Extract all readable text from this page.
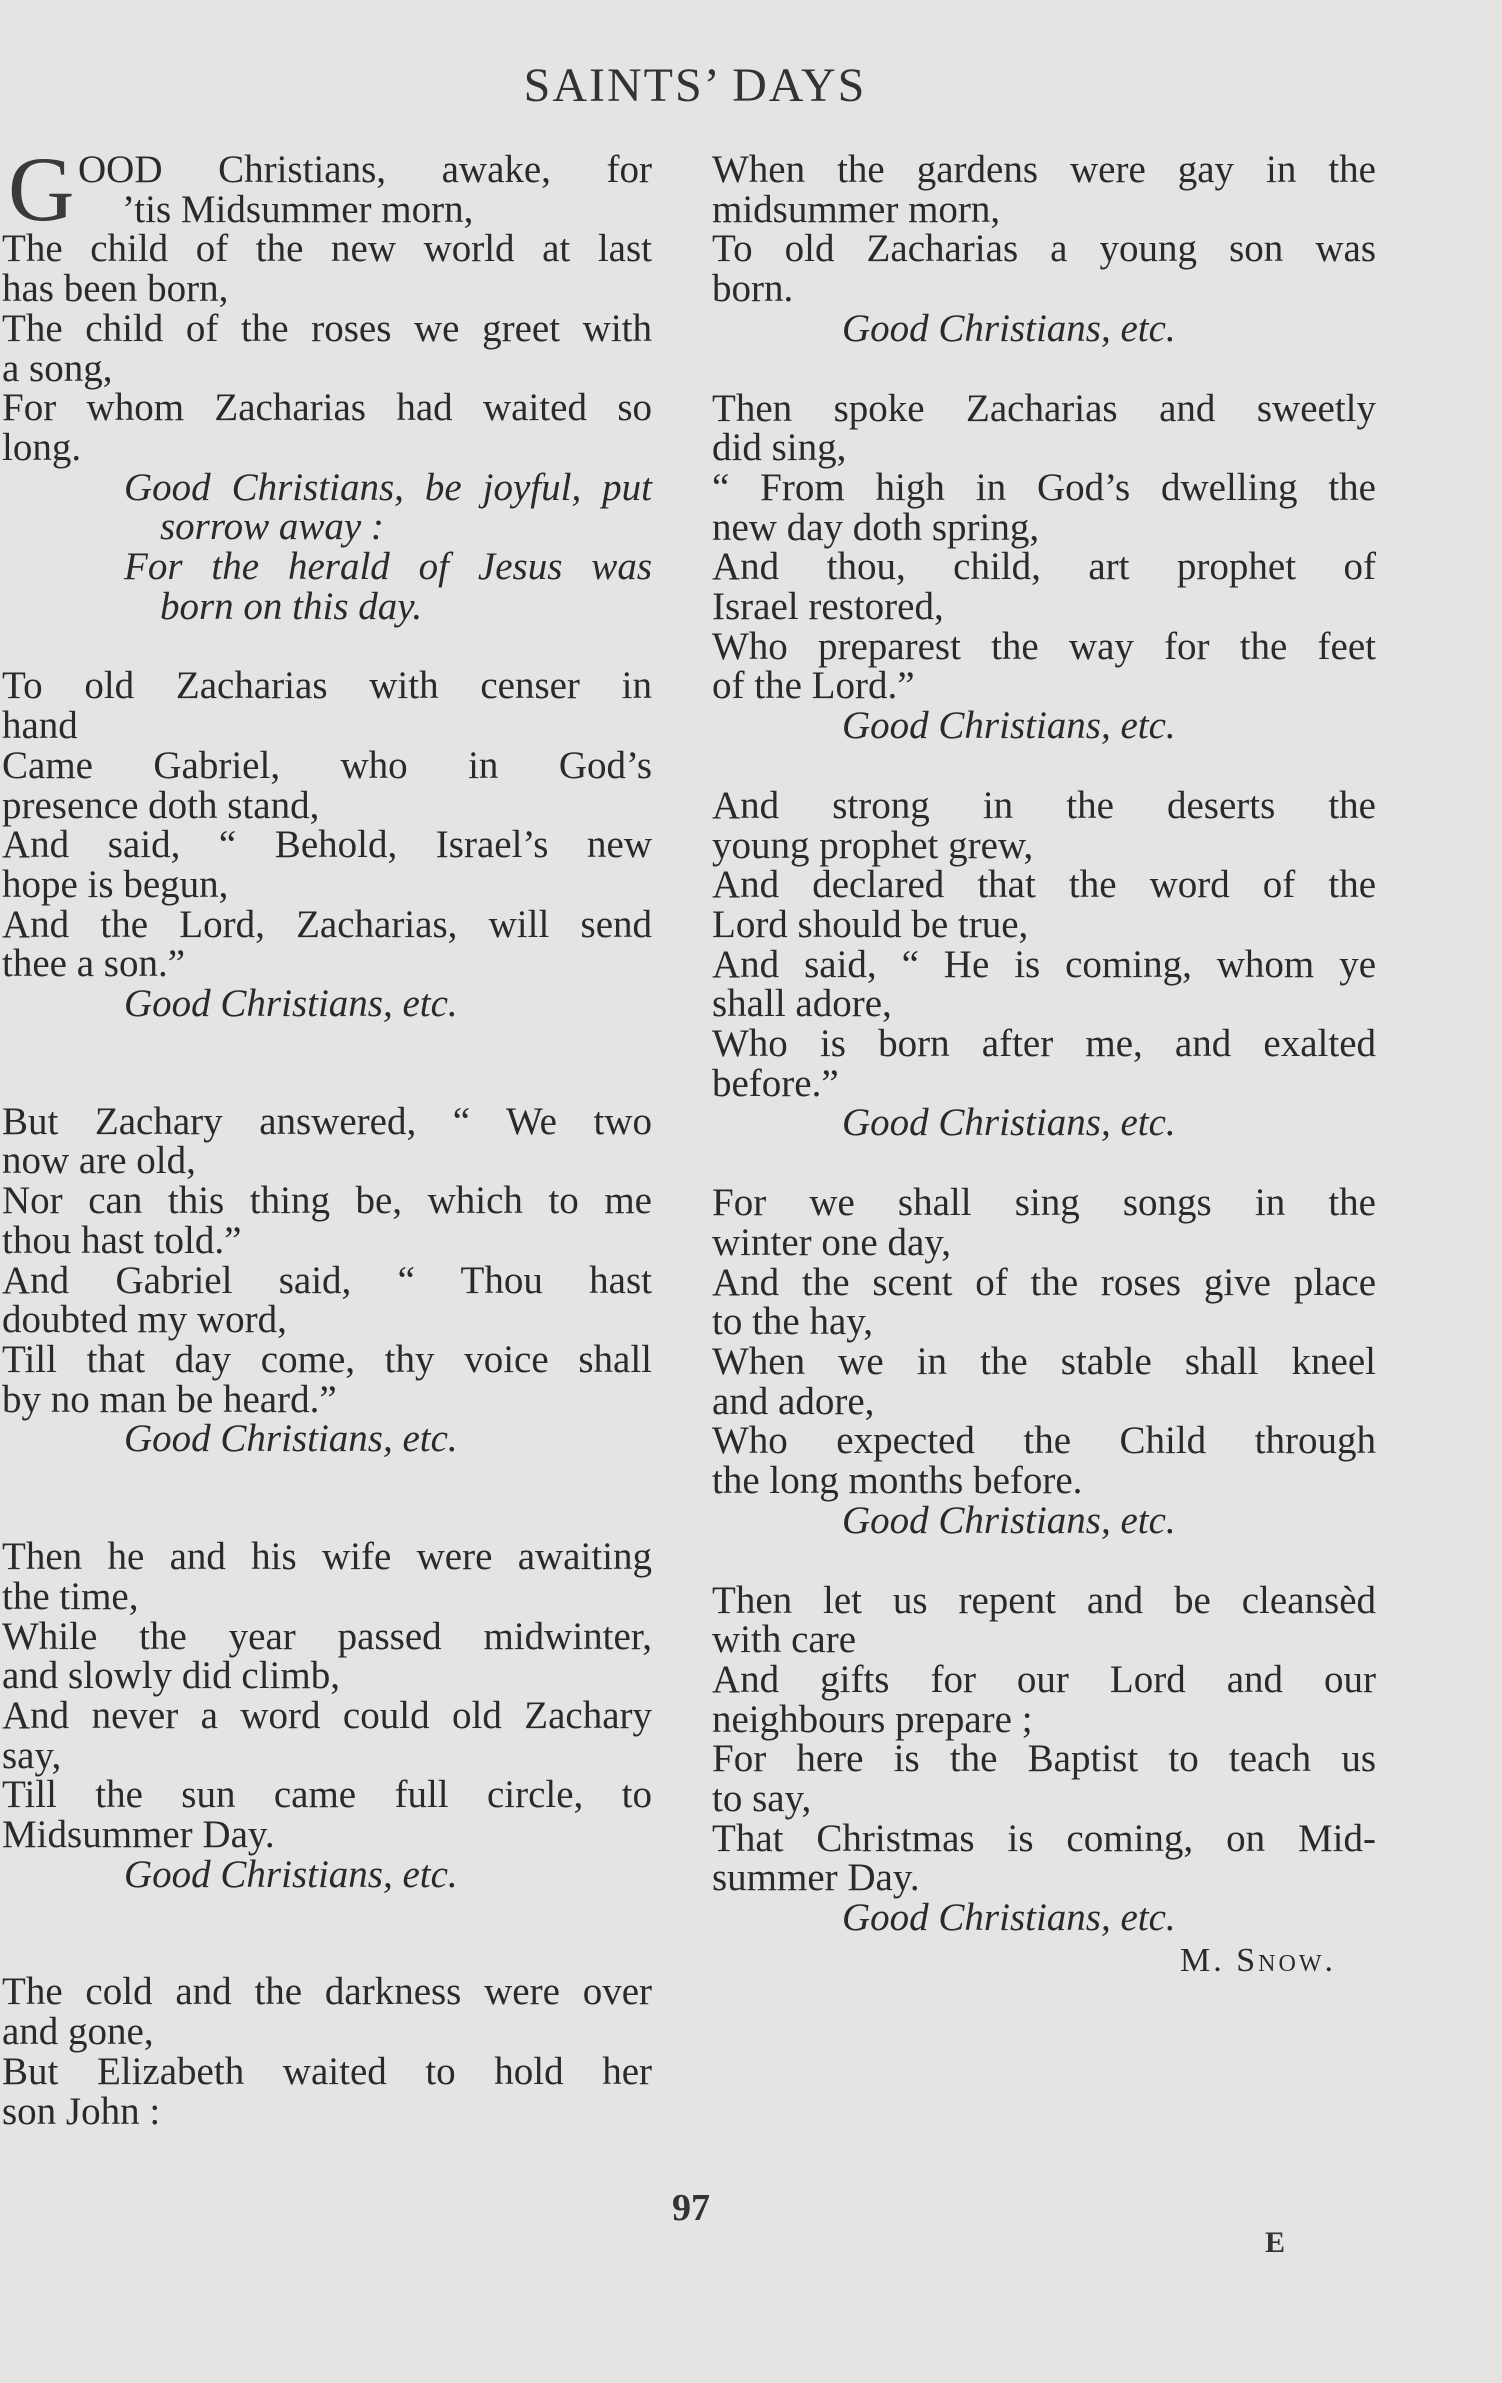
SAINTS’ DAYS
G OOD Christians, awake, for
’tis Midsummer morn,
The child of the new world at last
has been born,
The child of the roses we greet with
a song,
For whom Zacharias had waited so
long.
Good Christians, be joyful, put
sorrow away :
For the herald of Jesus was
born on this day.
To old Zacharias with censer in
hand
Came Gabriel, who in God’s
presence doth stand,
And said, “ Behold, Israel’s new
hope is begun,
And the Lord, Zacharias, will send
thee a son.”
Good Christians, etc.
But Zachary answered, “ We two
now are old,
Nor can this thing be, which to me
thou hast told.”
And Gabriel said, “ Thou hast
doubted my word,
Till that day come, thy voice shall
by no man be heard.”
Good Christians, etc.
Then he and his wife were awaiting
the time,
While the year passed midwinter,
and slowly did climb,
And never a word could old Zachary
say,
Till the sun came full circle, to
Midsummer Day.
Good Christians, etc.
The cold and the darkness were over
and gone,
But Elizabeth waited to hold her
son John :
When the gardens were gay in the
midsummer morn,
To old Zacharias a young son was
born.
Good Christians, etc.
Then spoke Zacharias and sweetly
did sing,
“ From high in God’s dwelling the
new day doth spring,
And thou, child, art prophet of
Israel restored,
Who preparest the way for the feet
of the Lord.”
Good Christians, etc.
And strong in the deserts the
young prophet grew,
And declared that the word of the
Lord should be true,
And said, “ He is coming, whom ye
shall adore,
Who is born after me, and exalted
before.”
Good Christians, etc.
For we shall sing songs in the
winter one day,
And the scent of the roses give place
to the hay,
When we in the stable shall kneel
and adore,
Who expected the Child through
the long months before.
Good Christians, etc.
Then let us repent and be cleansèd
with care
And gifts for our Lord and our
neighbours prepare ;
For here is the Baptist to teach us
to say,
That Christmas is coming, on Mid-
summer Day.
Good Christians, etc.
M. Snow.
97
E
